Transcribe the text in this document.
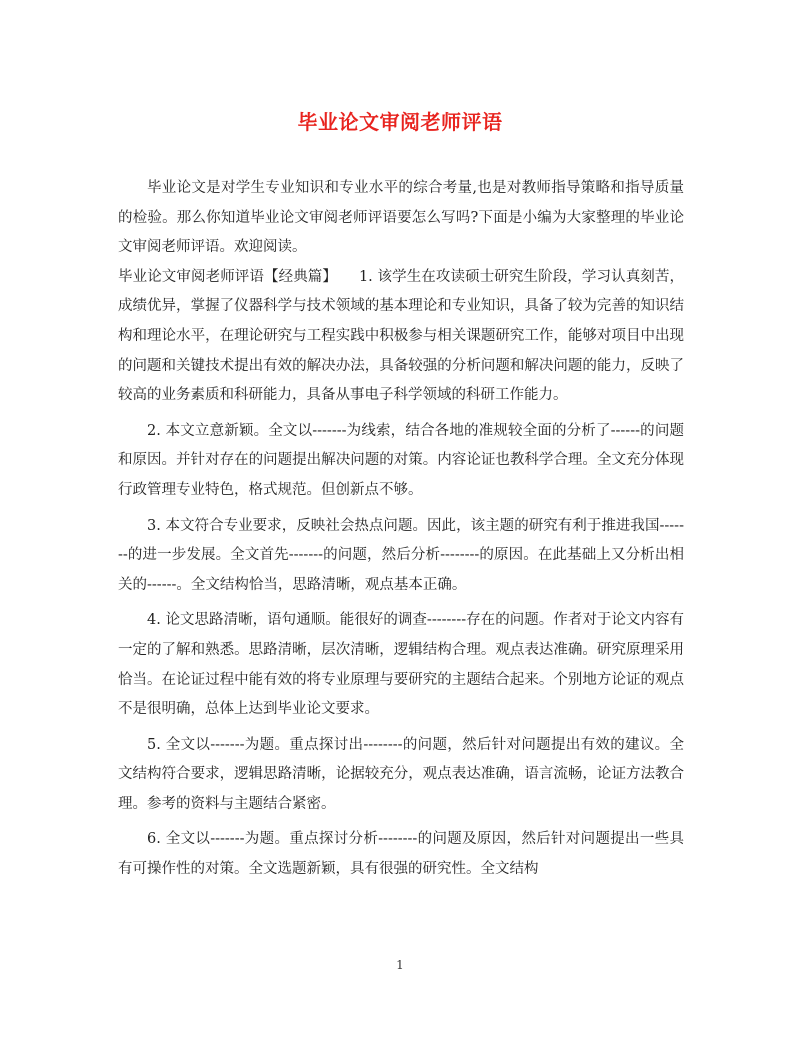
毕业论文审阅老师评语

毕业论文是对学生专业知识和专业水平的综合考量,也是对教师指导策略和指导质量的检验。那么你知道毕业论文审阅老师评语要怎么写吗?下面是小编为大家整理的毕业论文审阅老师评语。欢迎阅读。

毕业论文审阅老师评语【经典篇】　　1. 该学生在攻读硕士研究生阶段，学习认真刻苦，成绩优异，掌握了仪器科学与技术领域的基本理论和专业知识，具备了较为完善的知识结构和理论水平，在理论研究与工程实践中积极参与相关课题研究工作，能够对项目中出现的问题和关键技术提出有效的解决办法，具备较强的分析问题和解决问题的能力，反映了较高的业务素质和科研能力，具备从事电子科学领域的科研工作能力。

2. 本文立意新颖。全文以-------为线索，结合各地的准规较全面的分析了------的问题和原因。并针对存在的问题提出解决问题的对策。内容论证也教科学合理。全文充分体现行政管理专业特色，格式规范。但创新点不够。

3. 本文符合专业要求，反映社会热点问题。因此，该主题的研究有利于推进我国-------的进一步发展。全文首先-------的问题，然后分析--------的原因。在此基础上又分析出相关的------。全文结构恰当，思路清晰，观点基本正确。

4. 论文思路清晰，语句通顺。能很好的调查--------存在的问题。作者对于论文内容有一定的了解和熟悉。思路清晰，层次清晰，逻辑结构合理。观点表达准确。研究原理采用恰当。在论证过程中能有效的将专业原理与要研究的主题结合起来。个别地方论证的观点不是很明确，总体上达到毕业论文要求。

5. 全文以-------为题。重点探讨出--------的问题，然后针对问题提出有效的建议。全文结构符合要求，逻辑思路清晰，论据较充分，观点表达准确，语言流畅，论证方法教合理。参考的资料与主题结合紧密。

6. 全文以-------为题。重点探讨分析--------的问题及原因，然后针对问题提出一些具有可操作性的对策。全文选题新颖，具有很强的研究性。全文结构

1
